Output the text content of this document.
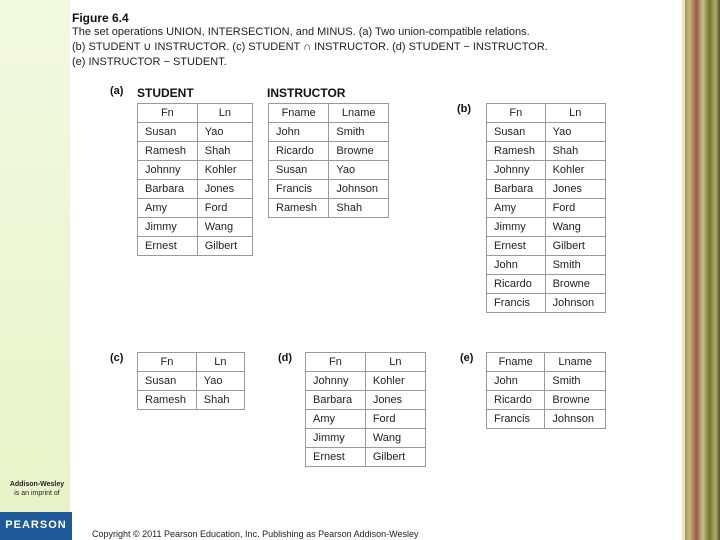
Figure 6.4
The set operations UNION, INTERSECTION, and MINUS. (a) Two union-compatible relations.
(b) STUDENT ∪ INSTRUCTOR. (c) STUDENT ∩ INSTRUCTOR. (d) STUDENT − INSTRUCTOR.
(e) INSTRUCTOR − STUDENT.
(a) STUDENT	INSTRUCTOR
Fn	Ln
Susan	Yao
Ramesh	Shah
Johnny	Kohler
Barbara	Jones
Amy	Ford
Jimmy	Wang
Ernest	Gilbert
Fname	Lname
John	Smith
Ricardo	Browne
Susan	Yao
Francis	Johnson
Ramesh	Shah
(b)	Fn	Ln
Susan	Yao
Ramesh	Shah
Johnny	Kohler
Barbara	Jones
Amy	Ford
Jimmy	Wang
Ernest	Gilbert
John	Smith
Ricardo	Browne
Francis	Johnson
(c)	Fn	Ln
Susan	Yao
Ramesh	Shah
(d)	Fn	Ln
Johnny	Kohler
Barbara	Jones
Amy	Ford
Jimmy	Wang
Ernest	Gilbert
(e) Fname	Lname
John	Smith
Ricardo	Browne
Francis	Johnson
Addison-Wesley
is an imprint of
PEARSON
Copyright © 2011 Pearson Education, Inc. Publishing as Pearson Addison-Wesley
